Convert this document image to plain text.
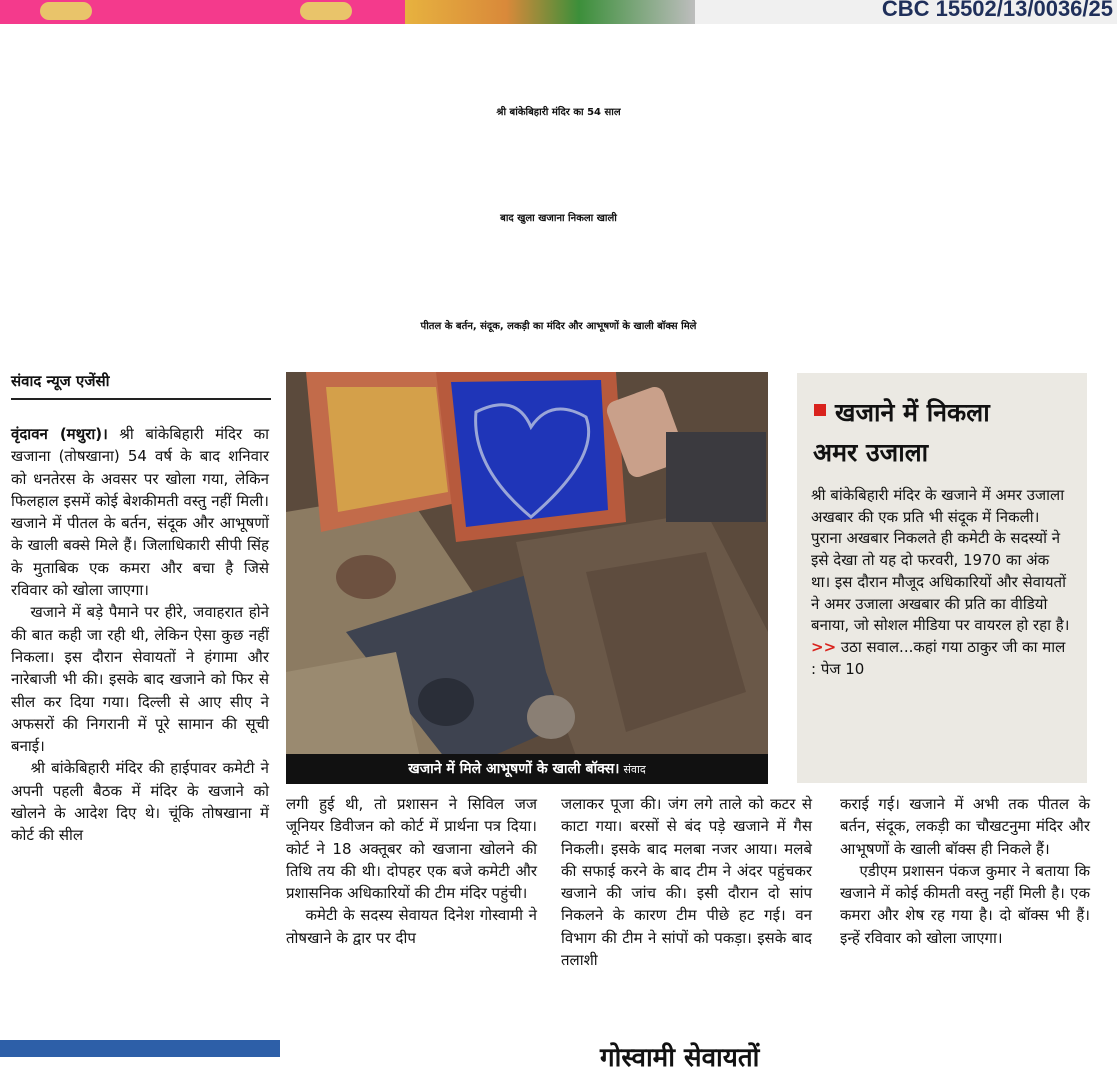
CBC 15502/13/0036/25
श्री बांकेबिहारी मंदिर का 54 साल
बाद खुला खजाना निकला खाली
पीतल के बर्तन, संदूक, लकड़ी का मंदिर और आभूषणों के खाली बॉक्स मिले
संवाद न्यूज एजेंसी

वृंदावन (मथुरा)। श्री बांकेबिहारी मंदिर का खजाना (तोषखाना) 54 वर्ष के बाद शनिवार को धनतेरस के अवसर पर खोला गया, लेकिन फिलहाल इसमें कोई बेशकीमती वस्तु नहीं मिली। खजाने में पीतल के बर्तन, संदूक और आभूषणों के खाली बक्से मिले हैं। जिलाधिकारी सीपी सिंह के मुताबिक एक कमरा और बचा है जिसे रविवार को खोला जाएगा।

खजाने में बड़े पैमाने पर हीरे, जवाहरात होने की बात कही जा रही थी, लेकिन ऐसा कुछ नहीं निकला। इस दौरान सेवायतों ने हंगामा और नारेबाजी भी की। इसके बाद खजाने को फिर से सील कर दिया गया। दिल्ली से आए सीए ने अफसरों की निगरानी में पूरे सामान की सूची बनाई।

श्री बांकेबिहारी मंदिर की हाईपावर कमेटी ने अपनी पहली बैठक में मंदिर के खजाने को खोलने के आदेश दिए थे। चूंकि तोषखाना में कोर्ट की सील

खजाने में मिले आभूषणों के खाली बॉक्स। संवाद
खजाने में निकला
अमर उजाला
श्री बांकेबिहारी मंदिर के खजाने में अमर उजाला अखबार की एक प्रति भी संदूक में निकली। पुराना अखबार निकलते ही कमेटी के सदस्यों ने इसे देखा तो यह दो फरवरी, 1970 का अंक था। इस दौरान मौजूद अधिकारियों और सेवायतों ने अमर उजाला अखबार की प्रति का वीडियो बनाया, जो सोशल मीडिया पर वायरल हो रहा है। >> उठा सवाल...कहां गया ठाकुर जी का माल : पेज 10

लगी हुई थी, तो प्रशासन ने सिविल जज जूनियर डिवीजन को कोर्ट में प्रार्थना पत्र दिया। कोर्ट ने 18 अक्तूबर को खजाना खोलने की तिथि तय की थी। दोपहर एक बजे कमेटी और प्रशासनिक अधिकारियों की टीम मंदिर पहुंची।

कमेटी के सदस्य सेवायत दिनेश गोस्वामी ने तोषखाने के द्वार पर दीप

जलाकर पूजा की। जंग लगे ताले को कटर से काटा गया। बरसों से बंद पड़े खजाने में गैस निकली। इसके बाद मलबा नजर आया। मलबे की सफाई करने के बाद टीम ने अंदर पहुंचकर खजाने की जांच की। इसी दौरान दो सांप निकलने के कारण टीम पीछे हट गई। वन विभाग की टीम ने सांपों को पकड़ा। इसके बाद तलाशी

कराई गई। खजाने में अभी तक पीतल के बर्तन, संदूक, लकड़ी का चौखटनुमा मंदिर और आभूषणों के खाली बॉक्स ही निकले हैं।

एडीएम प्रशासन पंकज कुमार ने बताया कि खजाने में कोई कीमती वस्तु नहीं मिली है। एक कमरा और शेष रह गया है। दो बॉक्स भी हैं। इन्हें रविवार को खोला जाएगा।

गोस्वामी सेवायतों
